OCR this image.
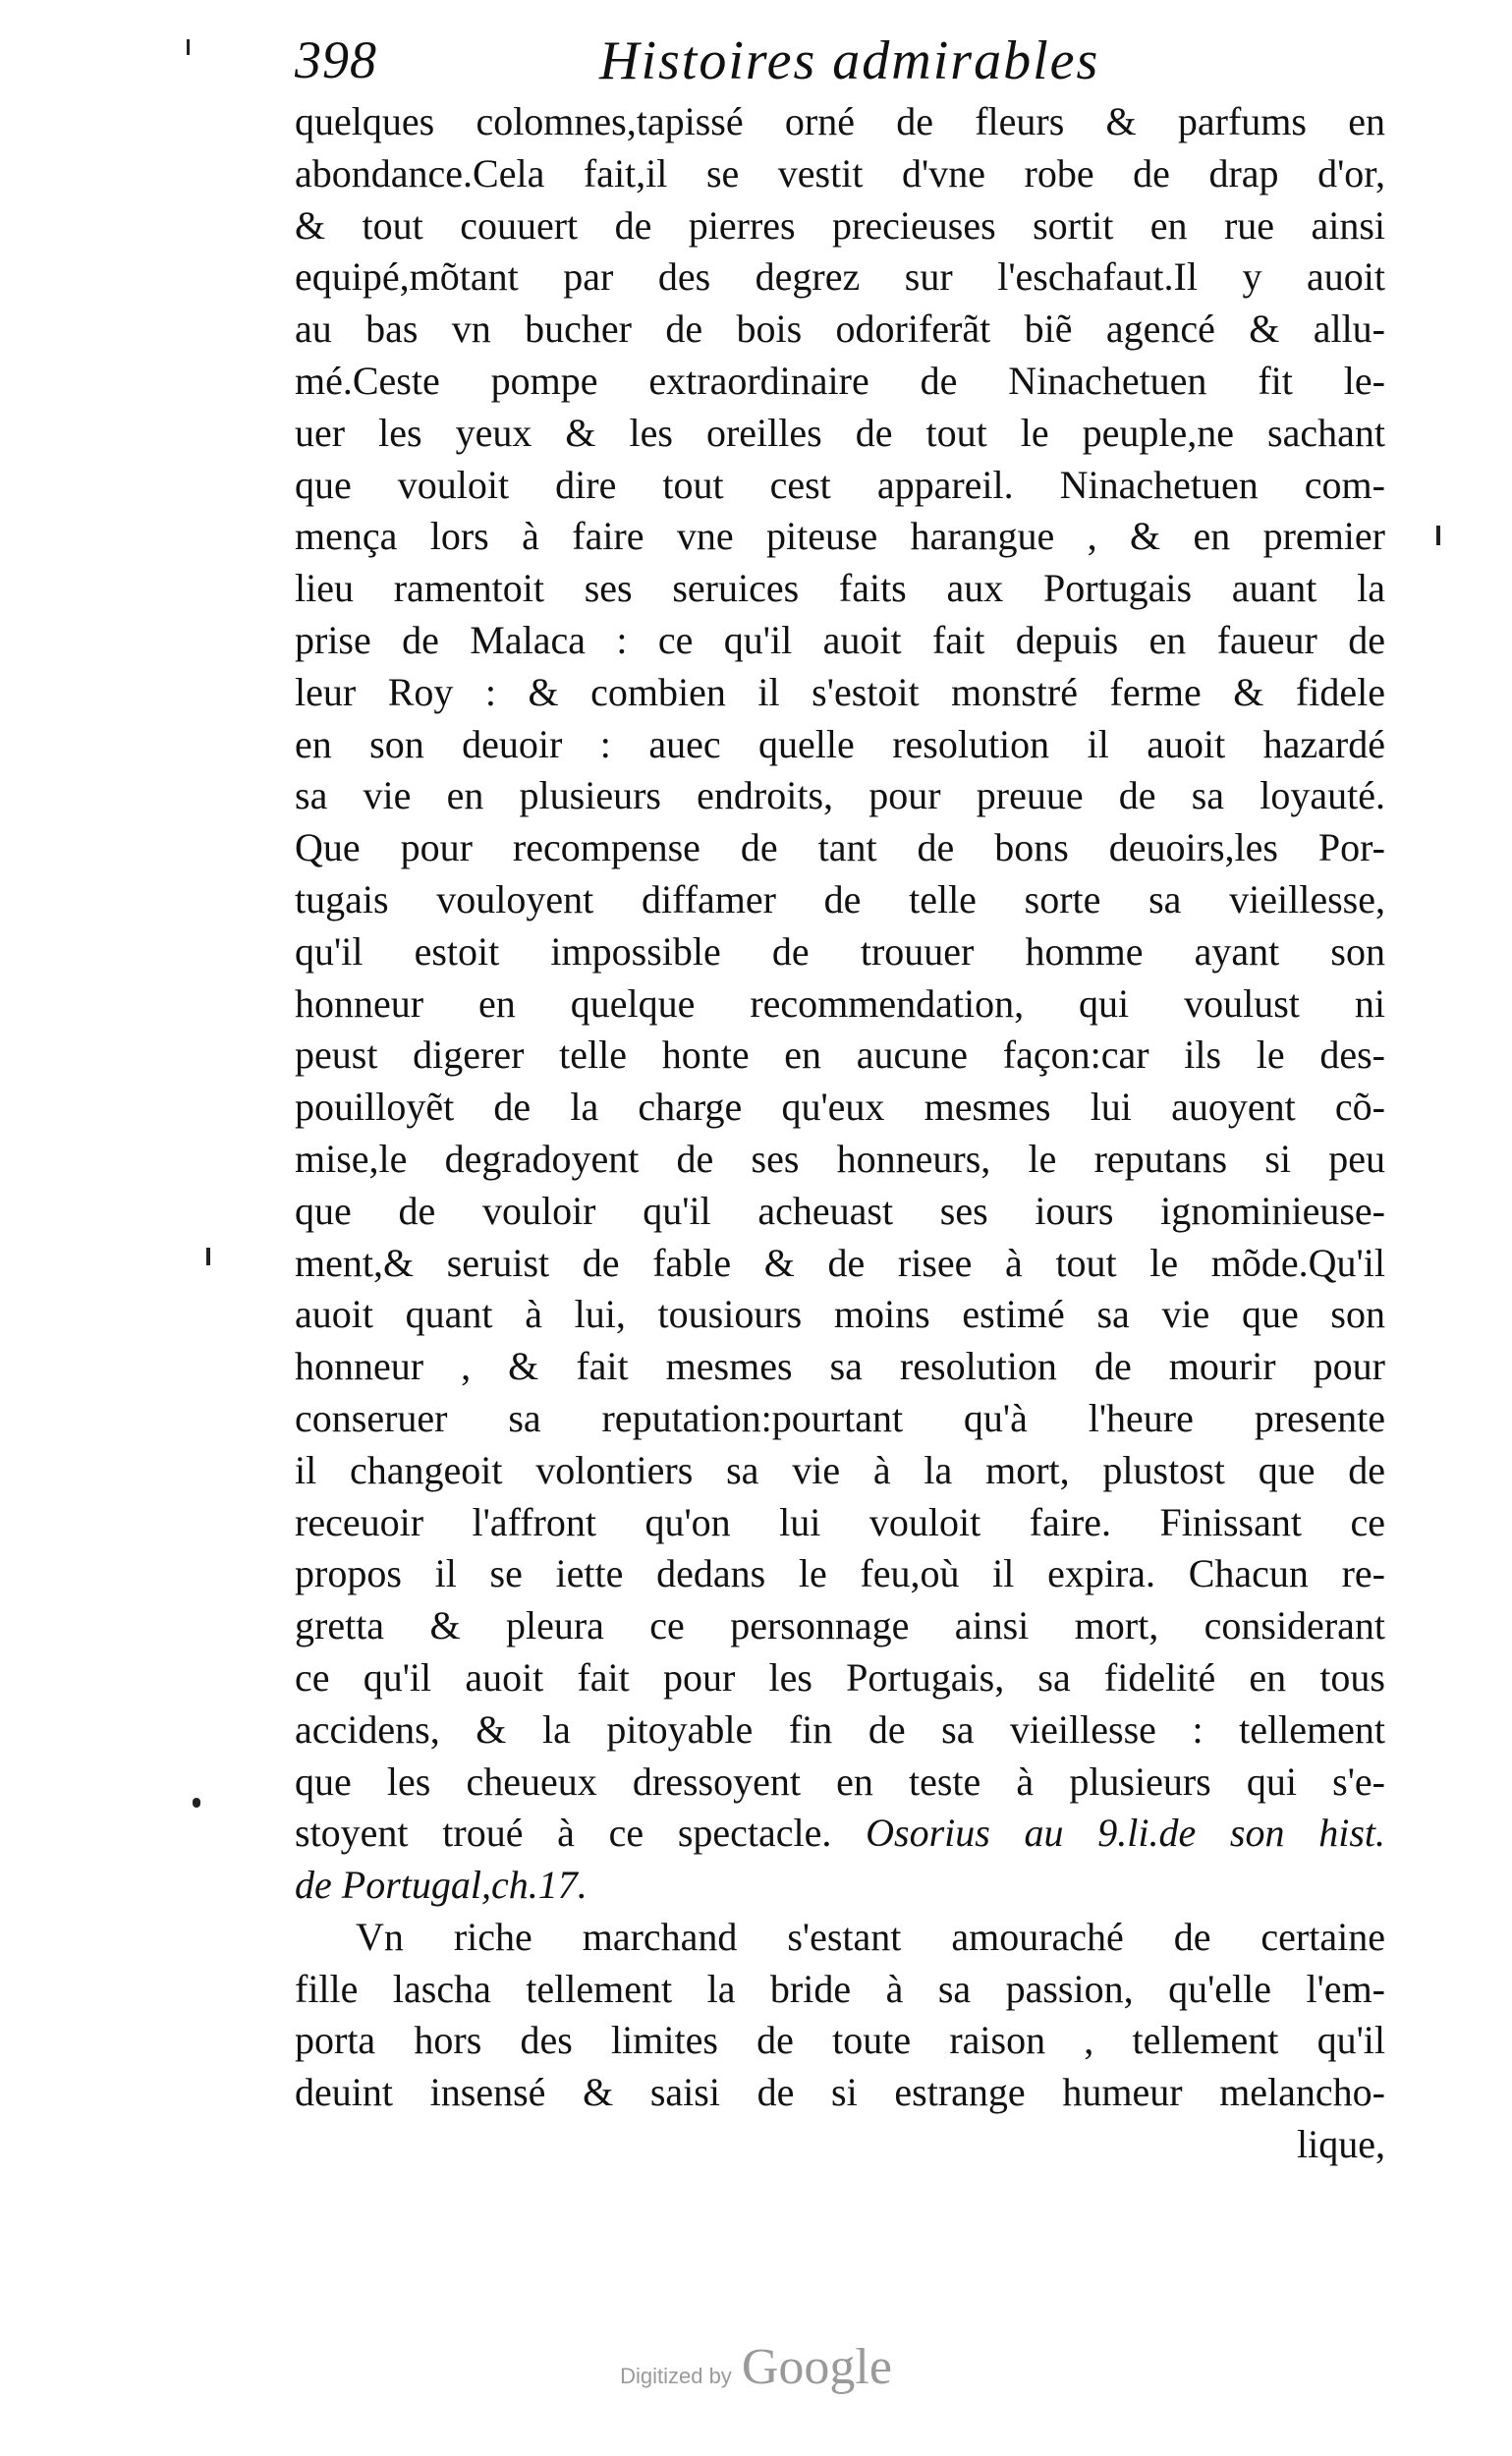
398	Histoires admirables
quelques colomnes,tapissé orné de fleurs & parfums en
abondance.Cela fait,il se vestit d'vne robe de drap d'or,
& tout couuert de pierres precieuses sortit en rue ainsi
equipé,mõtant par des degrez sur l'eschafaut.Il y auoit
au bas vn bucher de bois odoriferãt biẽ agencé & allu-
mé.Ceste pompe extraordinaire de Ninachetuen fit le-
uer les yeux & les oreilles de tout le peuple,ne sachant
que vouloit dire tout cest appareil. Ninachetuen com-
mença lors à faire vne piteuse harangue , & en premier
lieu ramentoit ses seruices faits aux Portugais auant la
prise de Malaca : ce qu'il auoit fait depuis en faueur de
leur Roy : & combien il s'estoit monstré ferme & fidele
en son deuoir : auec quelle resolution il auoit hazardé
sa vie en plusieurs endroits, pour preuue de sa loyauté.
Que pour recompense de tant de bons deuoirs,les Por-
tugais vouloyent diffamer de telle sorte sa vieillesse,
qu'il estoit impossible de trouuer homme ayant son
honneur en quelque recommendation, qui voulust ni
peust digerer telle honte en aucune façon:car ils le des-
pouilloyẽt de la charge qu'eux mesmes lui auoyent cõ-
mise,le degradoyent de ses honneurs, le reputans si peu
que de vouloir qu'il acheuast ses iours ignominieuse-
ment,& seruist de fable & de risee à tout le mõde.Qu'il
auoit quant à lui, tousiours moins estimé sa vie que son
honneur , & fait mesmes sa resolution de mourir pour
conseruer sa reputation:pourtant qu'à l'heure presente
il changeoit volontiers sa vie à la mort, plustost que de
receuoir l'affront qu'on lui vouloit faire. Finissant ce
propos il se iette dedans le feu,où il expira. Chacun re-
gretta & pleura ce personnage ainsi mort, considerant
ce qu'il auoit fait pour les Portugais, sa fidelité en tous
accidens, & la pitoyable fin de sa vieillesse : tellement
que les cheueux dressoyent en teste à plusieurs qui s'e-
stoyent troué à ce spectacle. Osorius au 9.li.de son hist.
de Portugal,ch.17.
Vn riche marchand s'estant amouraché de certaine
fille lascha tellement la bride à sa passion, qu'elle l'em-
porta hors des limites de toute raison , tellement qu'il
deuint insensé & saisi de si estrange humeur melancho-
lique,
Digitized by Google
